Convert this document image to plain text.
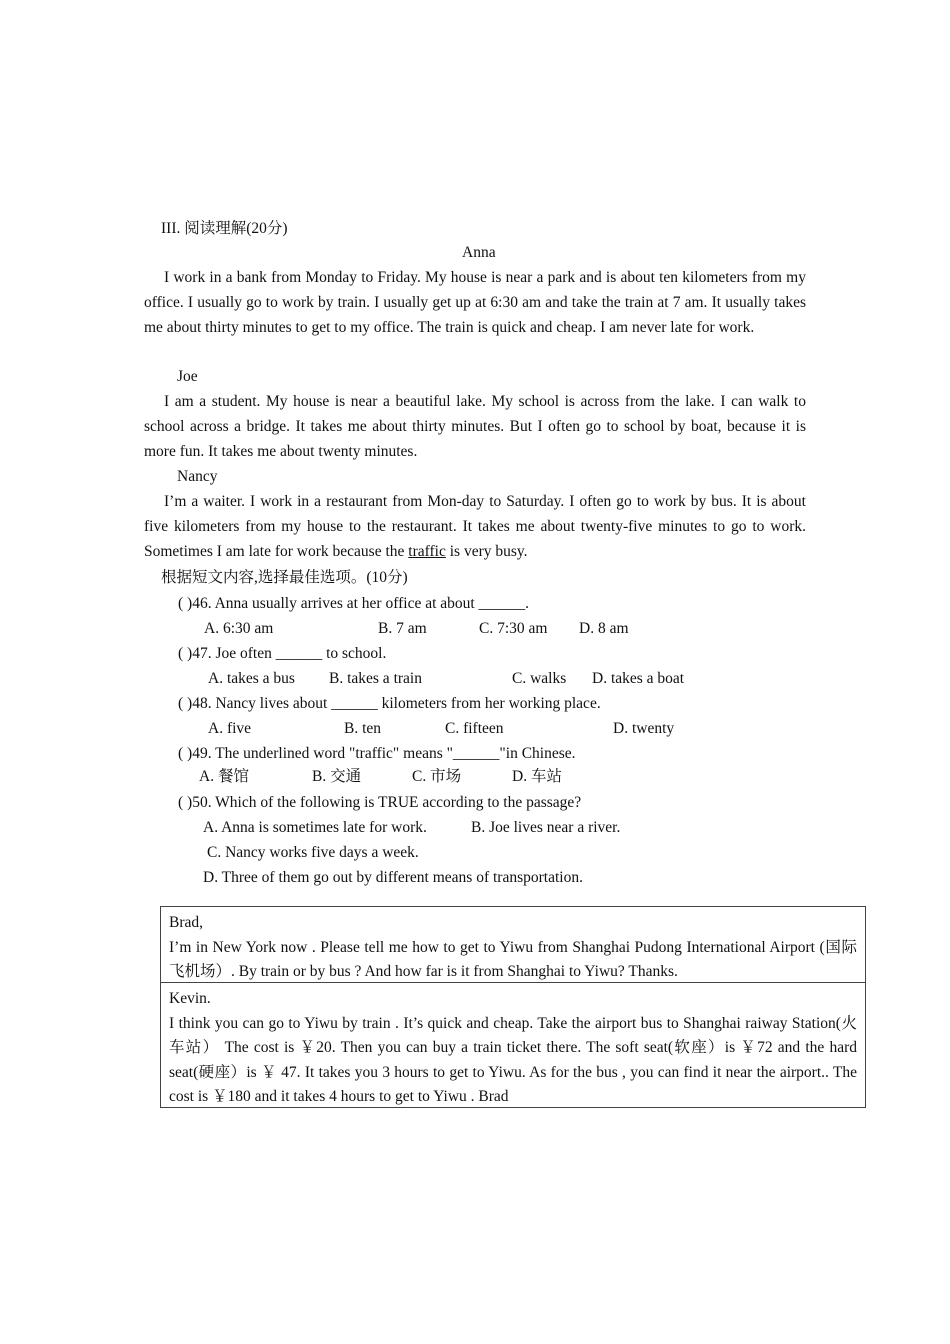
III. 阅读理解(20分)
Anna
I work in a bank from Monday to Friday. My house is near a park and is about ten kilometers from my office. I usually go to work by train. I usually get up at 6:30 am and take the train at 7 am. It usually takes me about thirty minutes to get to my office. The train is quick and cheap. I am never late for work.
Joe
I am a student. My house is near a beautiful lake. My school is across from the lake. I can walk to school across a bridge. It takes me about thirty minutes. But I often go to school by boat, because it is more fun. It takes me about twenty minutes.
Nancy
I’m a waiter. I work in a restaurant from Mon-day to Saturday. I often go to work by bus. It is about five kilometers from my house to the restaurant. It takes me about twenty-five minutes to go to work. Sometimes I am late for work because the traffic is very busy.
根据短文内容,选择最佳选项。(10分)
( )46. Anna usually arrives at her office at about ______.
A. 6:30 am	B. 7 am	C. 7:30 am D. 8 am
( )47. Joe often ______ to school.
A. takes a bus B. takes a train	C. walks D. takes a boat
( )48. Nancy lives about ______ kilometers from her working place.
A. five	B. ten	C. fifteen	D. twenty
( )49. The underlined word "traffic" means "______"in Chinese.
A. 餐馆	B. 交通	C. 市场	D. 车站
( )50. Which of the following is TRUE according to the passage?
A. Anna is sometimes late for work.	B. Joe lives near a river.
C. Nancy works five days a week.
D. Three of them go out by different means of transportation.
Brad,
I’m in New York now . Please tell me how to get to Yiwu from Shanghai Pudong International Airport (国际飞机场）. By train or by bus ? And how far is it from Shanghai to Yiwu? Thanks.
Kevin.
I think you can go to Yiwu by train . It’s quick and cheap. Take the airport bus to Shanghai raiway Station(火车站） The cost is ￥20. Then you can buy a train ticket there. The soft seat(软座）is ￥72 and the hard seat(硬座）is ￥ 47. It takes you 3 hours to get to Yiwu. As for the bus , you can find it near the airport.. The cost is ￥180 and it takes 4 hours to get to Yiwu . Brad
